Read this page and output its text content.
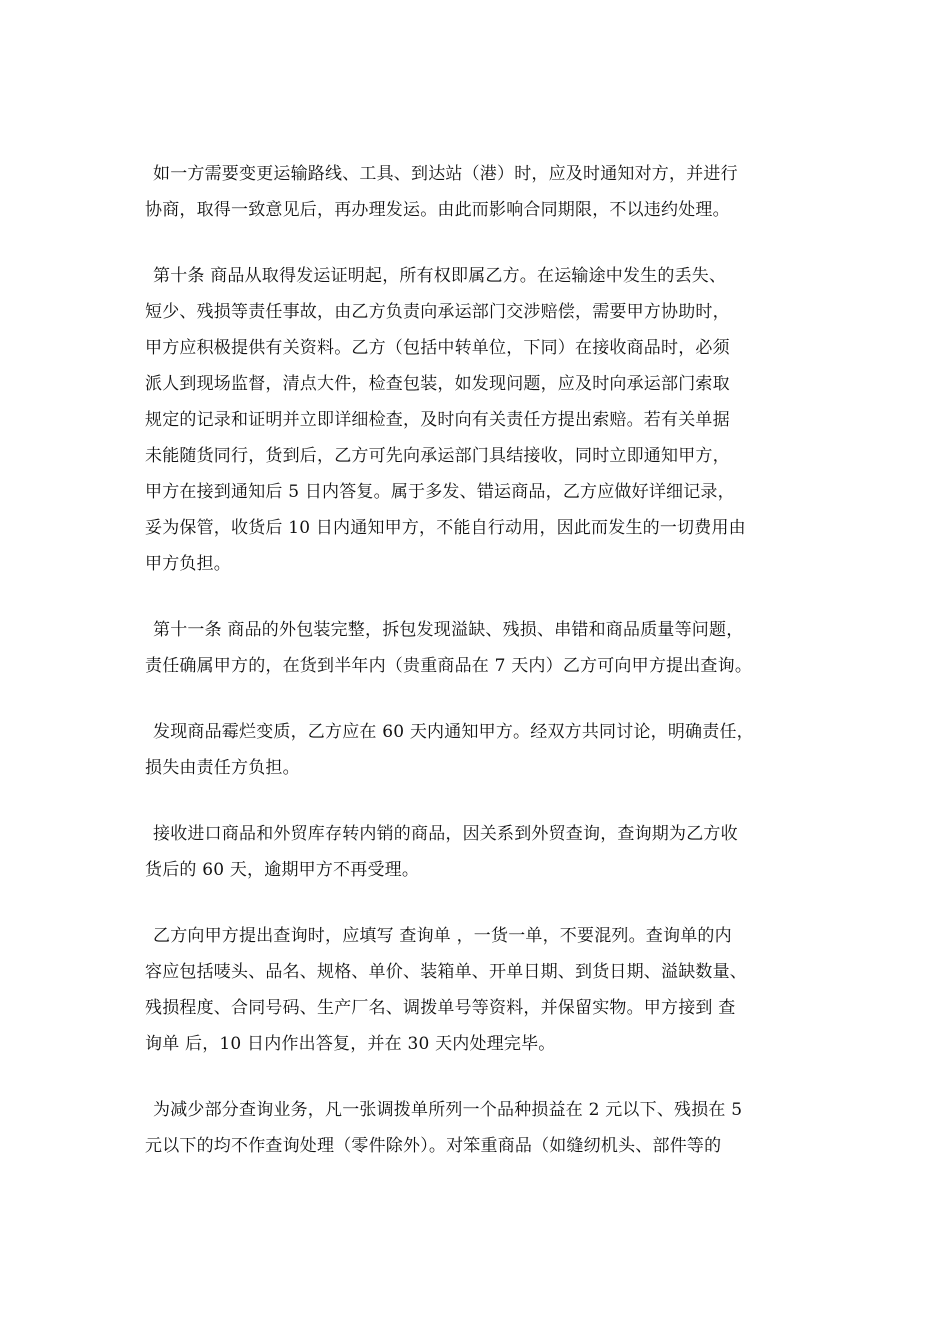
如一方需要变更运输路线、工具、到达站（港）时，应及时通知对方，并进行
协商，取得一致意见后，再办理发运。由此而影响合同期限，不以违约处理。

第十条 商品从取得发运证明起，所有权即属乙方。在运输途中发生的丢失、
短少、残损等责任事故，由乙方负责向承运部门交涉赔偿，需要甲方协助时，
甲方应积极提供有关资料。乙方（包括中转单位，下同）在接收商品时，必须
派人到现场监督，清点大件，检查包装，如发现问题，应及时向承运部门索取
规定的记录和证明并立即详细检查，及时向有关责任方提出索赔。若有关单据
未能随货同行，货到后，乙方可先向承运部门具结接收，同时立即通知甲方，
甲方在接到通知后 5 日内答复。属于多发、错运商品，乙方应做好详细记录，
妥为保管，收货后 10 日内通知甲方，不能自行动用，因此而发生的一切费用由
甲方负担。

第十一条 商品的外包装完整，拆包发现溢缺、残损、串错和商品质量等问题，
责任确属甲方的，在货到半年内（贵重商品在 7 天内）乙方可向甲方提出查询。

发现商品霉烂变质，乙方应在 60 天内通知甲方。经双方共同讨论，明确责任，
损失由责任方负担。

接收进口商品和外贸库存转内销的商品，因关系到外贸查询，查询期为乙方收
货后的 60 天，逾期甲方不再受理。

乙方向甲方提出查询时，应填写 查询单 ，一货一单，不要混列。查询单的内
容应包括唛头、品名、规格、单价、装箱单、开单日期、到货日期、溢缺数量、
残损程度、合同号码、生产厂名、调拨单号等资料，并保留实物。甲方接到 查
询单 后，10 日内作出答复，并在 30 天内处理完毕。

为减少部分查询业务，凡一张调拨单所列一个品种损益在 2 元以下、残损在 5
元以下的均不作查询处理（零件除外）。对笨重商品（如缝纫机头、部件等的
